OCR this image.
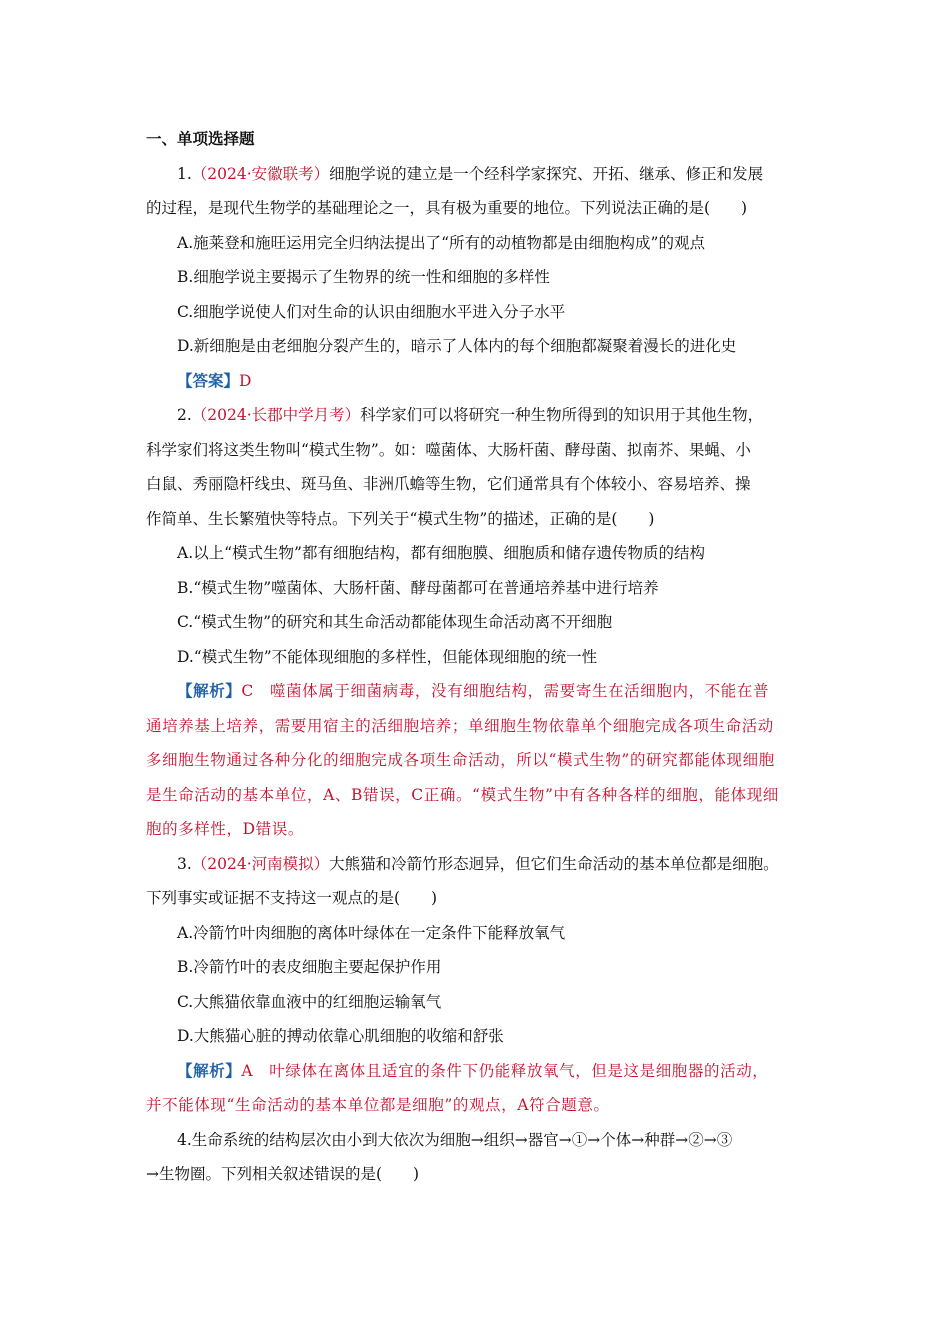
一、单项选择题
1.（2024·安徽联考）细胞学说的建立是一个经科学家探究、开拓、继承、修正和发展
的过程，是现代生物学的基础理论之一，具有极为重要的地位。下列说法正确的是(　　)
A.施莱登和施旺运用完全归纳法提出了“所有的动植物都是由细胞构成”的观点
B.细胞学说主要揭示了生物界的统一性和细胞的多样性
C.细胞学说使人们对生命的认识由细胞水平进入分子水平
D.新细胞是由老细胞分裂产生的，暗示了人体内的每个细胞都凝聚着漫长的进化史
【答案】D
2.（2024·长郡中学月考）科学家们可以将研究一种生物所得到的知识用于其他生物，
科学家们将这类生物叫“模式生物”。如：噬菌体、大肠杆菌、酵母菌、拟南芥、果蝇、小
白鼠、秀丽隐杆线虫、斑马鱼、非洲爪蟾等生物，它们通常具有个体较小、容易培养、操
作简单、生长繁殖快等特点。下列关于“模式生物”的描述，正确的是(　　)
A.以上“模式生物”都有细胞结构，都有细胞膜、细胞质和储存遗传物质的结构
B.“模式生物”噬菌体、大肠杆菌、酵母菌都可在普通培养基中进行培养
C.“模式生物”的研究和其生命活动都能体现生命活动离不开细胞
D.“模式生物”不能体现细胞的多样性，但能体现细胞的统一性
【解析】C　噬菌体属于细菌病毒，没有细胞结构，需要寄生在活细胞内，不能在普
通培养基上培养，需要用宿主的活细胞培养；单细胞生物依靠单个细胞完成各项生命活动
多细胞生物通过各种分化的细胞完成各项生命活动，所以“模式生物”的研究都能体现细胞
是生命活动的基本单位，A、B错误，C正确。“模式生物”中有各种各样的细胞，能体现细
胞的多样性，D错误。
3.（2024·河南模拟）大熊猫和冷箭竹形态迥异，但它们生命活动的基本单位都是细胞。
下列事实或证据不支持这一观点的是(　　)
A.冷箭竹叶肉细胞的离体叶绿体在一定条件下能释放氧气
B.冷箭竹叶的表皮细胞主要起保护作用
C.大熊猫依靠血液中的红细胞运输氧气
D.大熊猫心脏的搏动依靠心肌细胞的收缩和舒张
【解析】A　叶绿体在离体且适宜的条件下仍能释放氧气，但是这是细胞器的活动，
并不能体现“生命活动的基本单位都是细胞”的观点，A符合题意。
4.生命系统的结构层次由小到大依次为细胞→组织→器官→①→个体→种群→②→③
→生物圈。下列相关叙述错误的是(　　)
